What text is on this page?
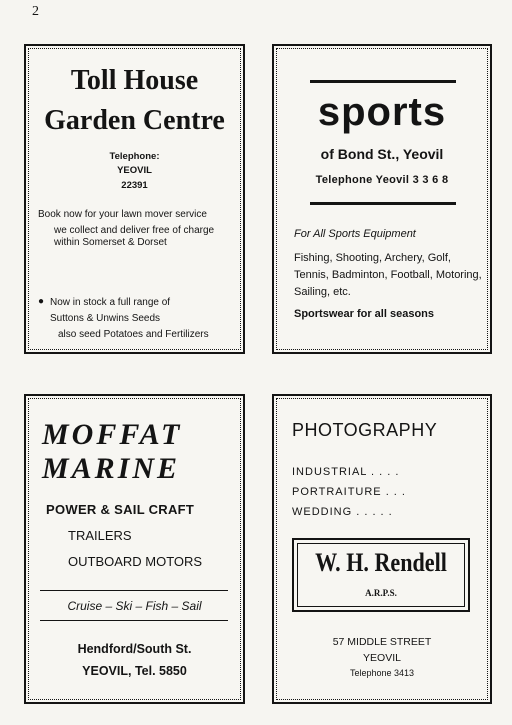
2
Toll House
Garden Centre
Telephone:
YEOVIL
22391
Book now for your lawn mover service
we collect and deliver free of charge
within Somerset & Dorset
● Now in stock a full range of
Suttons & Unwins Seeds
also seed Potatoes and Fertilizers
sports
of Bond St., Yeovil
Telephone Yeovil 3 3 6 8
For All Sports Equipment
Fishing, Shooting, Archery, Golf, Tennis, Badminton, Football, Motoring, Sailing, etc.
Sportswear for all seasons
MOFFAT
MARINE
POWER & SAIL CRAFT
TRAILERS
OUTBOARD MOTORS
Cruise – Ski – Fish – Sail
Hendford/South St.
YEOVIL, Tel. 5850
PHOTOGRAPHY
INDUSTRIAL . . . .
PORTRAITURE . . .
WEDDING . . . . .
W. H. Rendell
A.R.P.S.
57 MIDDLE STREET
YEOVIL
Telephone 3413
